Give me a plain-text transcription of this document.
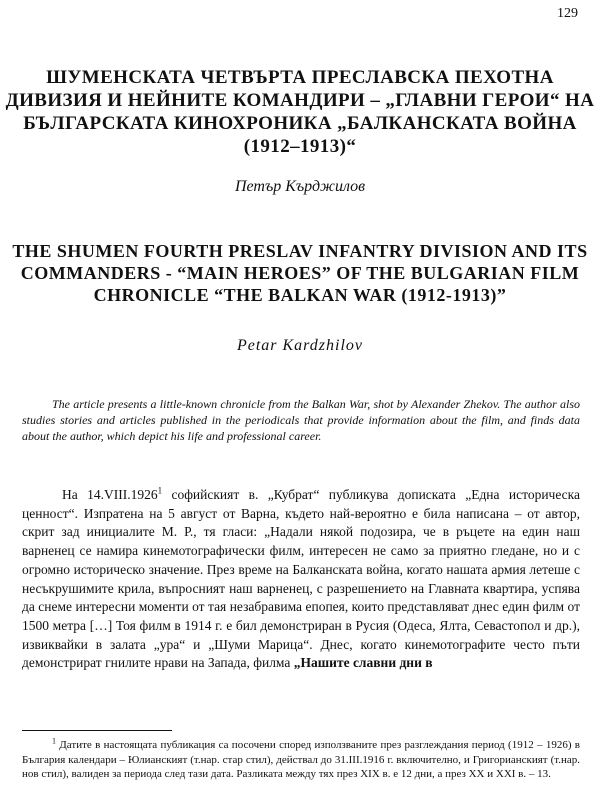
129
ШУМЕНСКАТА ЧЕТВЪРТА ПРЕСЛАВСКА ПЕХОТНА ДИВИЗИЯ И НЕЙНИТЕ КОМАНДИРИ – „ГЛАВНИ ГЕРОИ“ НА БЪЛГАРСКАТА КИНОХРОНИКА „БАЛКАНСКАТА ВОЙНА (1912–1913)“
Петър Кърджилов
THE SHUMEN FOURTH PRESLAV INFANTRY DIVISION AND ITS COMMANDERS - “MAIN HEROES” OF THE BULGARIAN FILM CHRONICLE “THE BALKAN WAR (1912-1913)”
Petar Kardzhilov
The article presents a little-known chronicle from the Balkan War, shot by Alexander Zhekov. The author also studies stories and articles published in the periodicals that provide information about the film, and finds data about the author, which depict his life and professional career.
На 14.VIII.1926$^1$ софийският в. „Кубрат“ публикува дописката „Една историческа ценност“. Изпратена на 5 август от Варна, където най-вероятно е била написана – от автор, скрит зад инициалите М. Р., тя гласи: „Надали някой подозира, че в ръцете на един наш варненец се намира кинемотографически филм, интересен не само за приятно гледане, но и с огромно историческо значение. През време на Балканската война, когато нашата армия летеше с несъкрушимите крила, въпросният наш варненец, с разрешението на Главната квартира, успява да снеме интересни моменти от тая незабравима епопея, които представляват днес един филм от 1500 метра […] Тоя филм в 1914 г. е бил демонстриран в Русия (Одеса, Ялта, Севастопол и др.), извиквайки в залата „ура“ и „Шуми Марица“. Днес, когато кинемотографите често пъти демонстрират гнилите нрави на Запада, филма „Нашите славни дни в
$^1$ Датите в настоящата публикация са посочени според използваните през разглеждания период (1912 – 1926) в България календари – Юлианският (т.нар. стар стил), действал до 31.III.1916 г. включително, и Григорианският (т.нар. нов стил), валиден за периода след тази дата. Разликата между тях през XIX в. е 12 дни, а през XX и XXI в. – 13.
